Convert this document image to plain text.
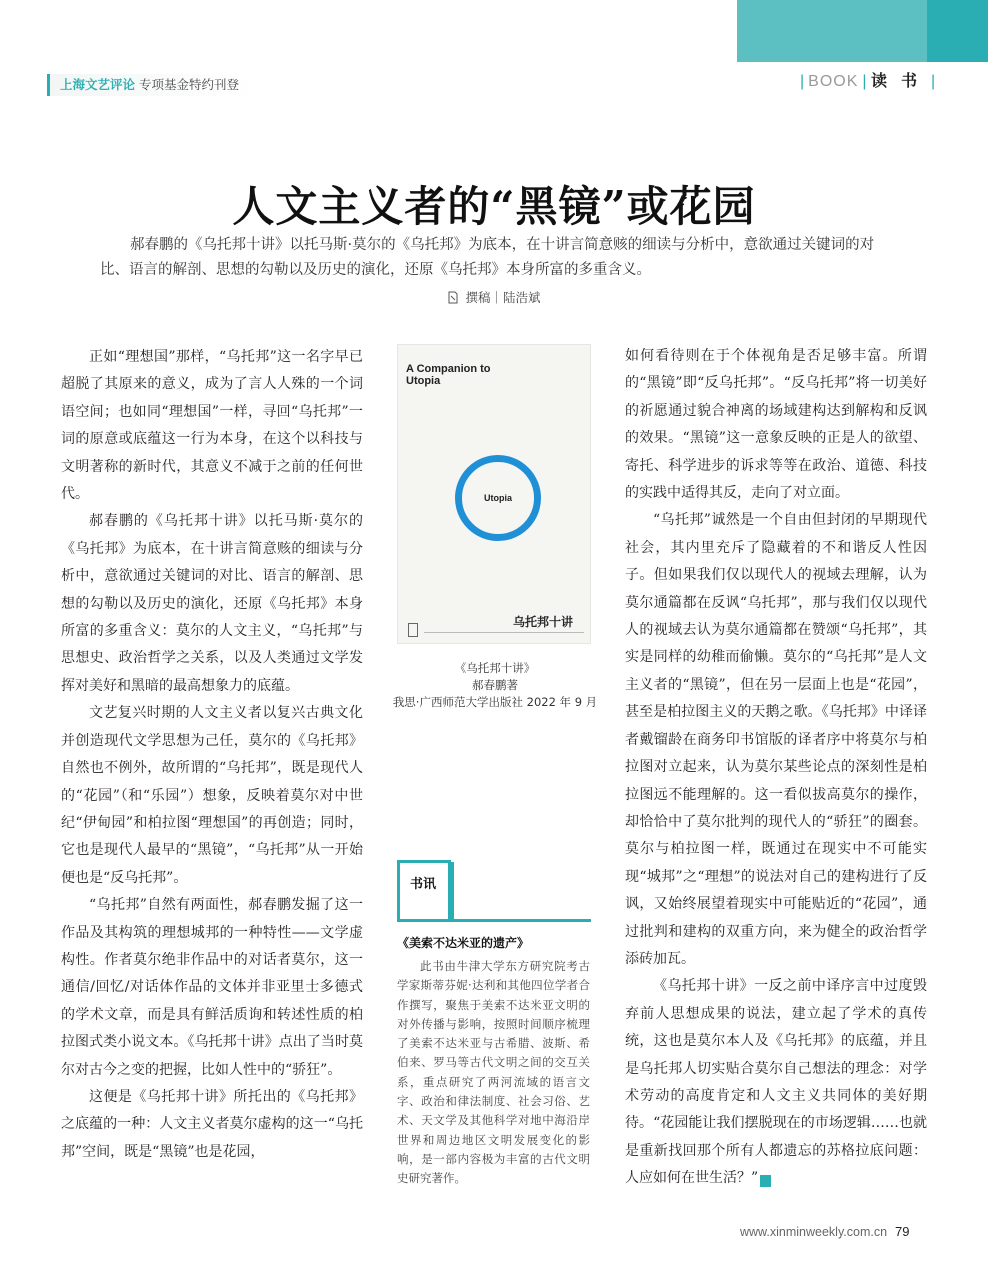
上海文艺评论 专项基金特约刊登	| BOOK | 读书|
人文主义者的“黑镜”或花园
郝春鹏的《乌托邦十讲》以托马斯·莫尔的《乌托邦》为底本，在十讲言简意赅的细读与分析中，意欲通过关键词的对比、语言的解剖、思想的勾勒以及历史的演化，还原《乌托邦》本身所富的多重含义。
撰稿｜陆浩斌

正如“理想国”那样，“乌托邦”这一名字早已超脱了其原来的意义，成为了言人人殊的一个词语空间；也如同“理想国”一样，寻回“乌托邦”一词的原意或底蕴这一行为本身，在这个以科技与文明著称的新时代，其意义不减于之前的任何世代。

郝春鹏的《乌托邦十讲》以托马斯·莫尔的《乌托邦》为底本，在十讲言简意赅的细读与分析中，意欲通过关键词的对比、语言的解剖、思想的勾勒以及历史的演化，还原《乌托邦》本身所富的多重含义：莫尔的人文主义，“乌托邦”与思想史、政治哲学之关系，以及人类通过文学发挥对美好和黑暗的最高想象力的底蕴。

文艺复兴时期的人文主义者以复兴古典文化并创造现代文学思想为己任，莫尔的《乌托邦》自然也不例外，故所谓的“乌托邦”，既是现代人的“花园”（和“乐园”）想象，反映着莫尔对中世纪“伊甸园”和柏拉图“理想国”的再创造；同时，它也是现代人最早的“黑镜”，“乌托邦”从一开始便也是“反乌托邦”。

“乌托邦”自然有两面性，郝春鹏发掘了这一作品及其构筑的理想城邦的一种特性——文学虚构性。作者莫尔绝非作品中的对话者莫尔，这一通信/回忆/对话体作品的文体并非亚里士多德式的学术文章，而是具有鲜活质询和转述性质的柏拉图式类小说文本。《乌托邦十讲》点出了当时莫尔对古今之变的把握，比如人性中的“骄狂”。

这便是《乌托邦十讲》所托出的《乌托邦》之底蕴的一种：人文主义者莫尔虚构的这一“乌托邦”空间，既是“黑镜”也是花园，

A Companion to Utopia
Utopia
乌托邦十讲
《乌托邦十讲》
郝春鹏著
我思·广西师范大学出版社 2022 年 9 月
书讯
《美索不达米亚的遗产》
此书由牛津大学东方研究院考古学家斯蒂芬妮·达利和其他四位学者合作撰写，聚焦于美索不达米亚文明的对外传播与影响，按照时间顺序梳理了美索不达米亚与古希腊、波斯、希伯来、罗马等古代文明之间的交互关系，重点研究了两河流域的语言文字、政治和律法制度、社会习俗、艺术、天文学及其他科学对地中海沿岸世界和周边地区文明发展变化的影响，是一部内容极为丰富的古代文明史研究著作。

如何看待则在于个体视角是否足够丰富。所谓的“黑镜”即“反乌托邦”。“反乌托邦”将一切美好的祈愿通过貌合神离的场域建构达到解构和反讽的效果。“黑镜”这一意象反映的正是人的欲望、寄托、科学进步的诉求等等在政治、道德、科技的实践中适得其反，走向了对立面。

“乌托邦”诚然是一个自由但封闭的早期现代社会，其内里充斥了隐藏着的不和谐反人性因子。但如果我们仅以现代人的视域去理解，认为莫尔通篇都在反讽“乌托邦”，那与我们仅以现代人的视域去认为莫尔通篇都在赞颂“乌托邦”，其实是同样的幼稚而偷懒。莫尔的“乌托邦”是人文主义者的“黑镜”，但在另一层面上也是“花园”，甚至是柏拉图主义的天鹅之歌。《乌托邦》中译译者戴镏龄在商务印书馆版的译者序中将莫尔与柏拉图对立起来，认为莫尔某些论点的深刻性是柏拉图远不能理解的。这一看似拔高莫尔的操作，却恰恰中了莫尔批判的现代人的“骄狂”的圈套。莫尔与柏拉图一样，既通过在现实中不可能实现“城邦”之“理想”的说法对自己的建构进行了反讽，又始终展望着现实中可能贴近的“花园”，通过批判和建构的双重方向，来为健全的政治哲学添砖加瓦。

《乌托邦十讲》一反之前中译序言中过度毁弃前人思想成果的说法，建立起了学术的真传统，这也是莫尔本人及《乌托邦》的底蕴，并且是乌托邦人切实贴合莫尔自己想法的理念：对学术劳动的高度肯定和人文主义共同体的美好期待。“花园能让我们摆脱现在的市场逻辑……也就是重新找回那个所有人都遗忘的苏格拉底问题：人应如何在世生活？”	民

www.xinminweekly.com.cn 79
